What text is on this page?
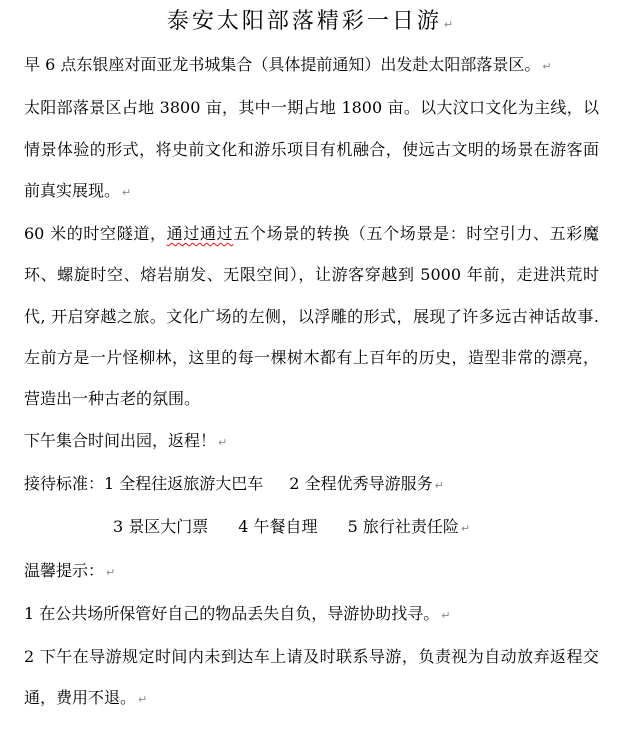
泰安太阳部落精彩一日游 ↵

早 6 点东银座对面亚龙书城集合（具体提前通知）出发赴太阳部落景区。 ↵

太阳部落景区占地 3800 亩，其中一期占地 1800 亩。以大汶口文化为主线，以情景体验的形式，将史前文化和游乐项目有机融合，使远古文明的场景在游客面前真实展现。 ↵

60 米的时空隧道，通过通过五个场景的转换（五个场景是：时空引力、五彩魔环、螺旋时空、熔岩崩发、无限空间），让游客穿越到 5000 年前，走进洪荒时代, 开启穿越之旅。文化广场的左侧，以浮雕的形式，展现了许多远古神话故事. 左前方是一片怪柳林，这里的每一棵树木都有上百年的历史，造型非常的漂亮，营造出一种古老的氛围。

下午集合时间出园，返程！ ↵

接待标准：1 全程往返旅游大巴车 2 全程优秀导游服务 ↵

3 景区大门票 4 午餐自理 5 旅行社责任险 ↵

温馨提示： ↵

1 在公共场所保管好自己的物品丢失自负，导游协助找寻。 ↵

2 下午在导游规定时间内未到达车上请及时联系导游，负责视为自动放弃返程交通，费用不退。 ↵
